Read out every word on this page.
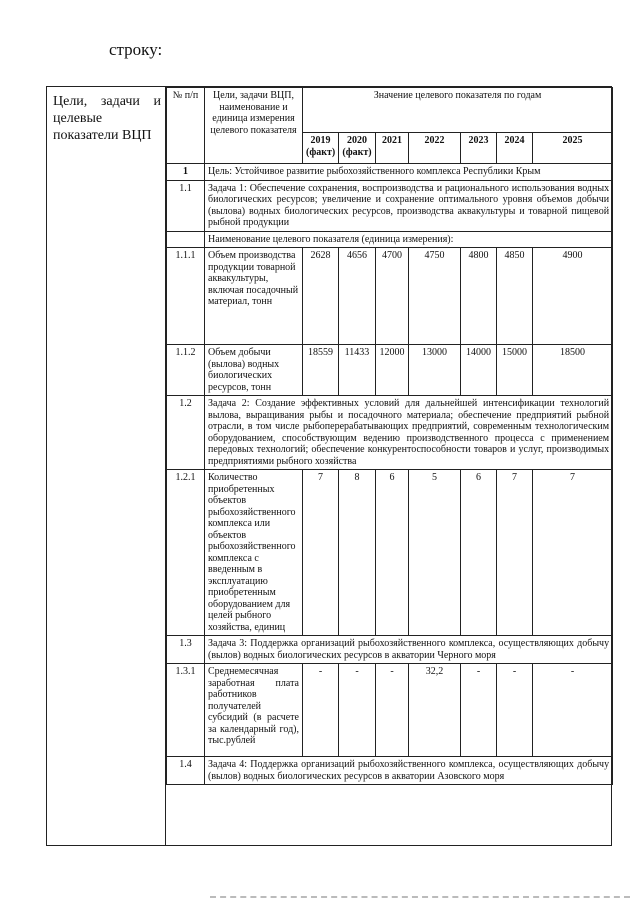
строку:
Цели, задачи и целевые показатели ВЦП
№ п/п	Цели, задачи ВЦП, наименование и единица измерения целевого показателя	Значение целевого показателя по годам						
		2019 (факт)	2020 (факт)	2021	2022	2023	2024	2025
1	Цель: Устойчивое развитие рыбохозяйственного комплекса Республики Крым							
1.1	Задача 1: Обеспечение сохранения, воспроизводства и рационального использования водных биологических ресурсов; увеличение и сохранение оптимального уровня объемов добычи (вылова) водных биологических ресурсов, производства аквакультуры и товарной пищевой рыбной продукции							
	Наименование целевого показателя (единица измерения):							
1.1.1	Объем производства продукции товарной аквакультуры, включая посадочный материал, тонн	2628	4656	4700	4750	4800	4850	4900
1.1.2	Объем добычи (вылова) водных биологических ресурсов, тонн	18559	11433	12000	13000	14000	15000	18500
1.2	Задача 2: Создание эффективных условий для дальнейшей интенсификации технологий вылова, выращивания рыбы и посадочного материала; обеспечение предприятий рыбной отрасли, в том числе рыбоперерабатывающих предприятий, современным технологическим оборудованием, способствующим ведению производственного процесса с применением передовых технологий; обеспечение конкурентоспособности товаров и услуг, производимых предприятиями рыбного хозяйства							
1.2.1	Количество приобретенных объектов рыбохозяйственного комплекса или объектов рыбохозяйственного комплекса с введенным в эксплуатацию приобретенным оборудованием для целей рыбного хозяйства, единиц	7	8	6	5	6	7	7
1.3	Задача 3: Поддержка организаций рыбохозяйственного комплекса, осуществляющих добычу (вылов) водных биологических ресурсов в акватории Черного моря							
1.3.1	Среднемесячная заработная плата работников получателей субсидий (в расчете за календарный год), тыс.рублей	-	-	-	32,2	-	-	-
1.4	Задача 4: Поддержка организаций рыбохозяйственного комплекса, осуществляющих добычу (вылов) водных биологических ресурсов в акватории Азовского моря							
